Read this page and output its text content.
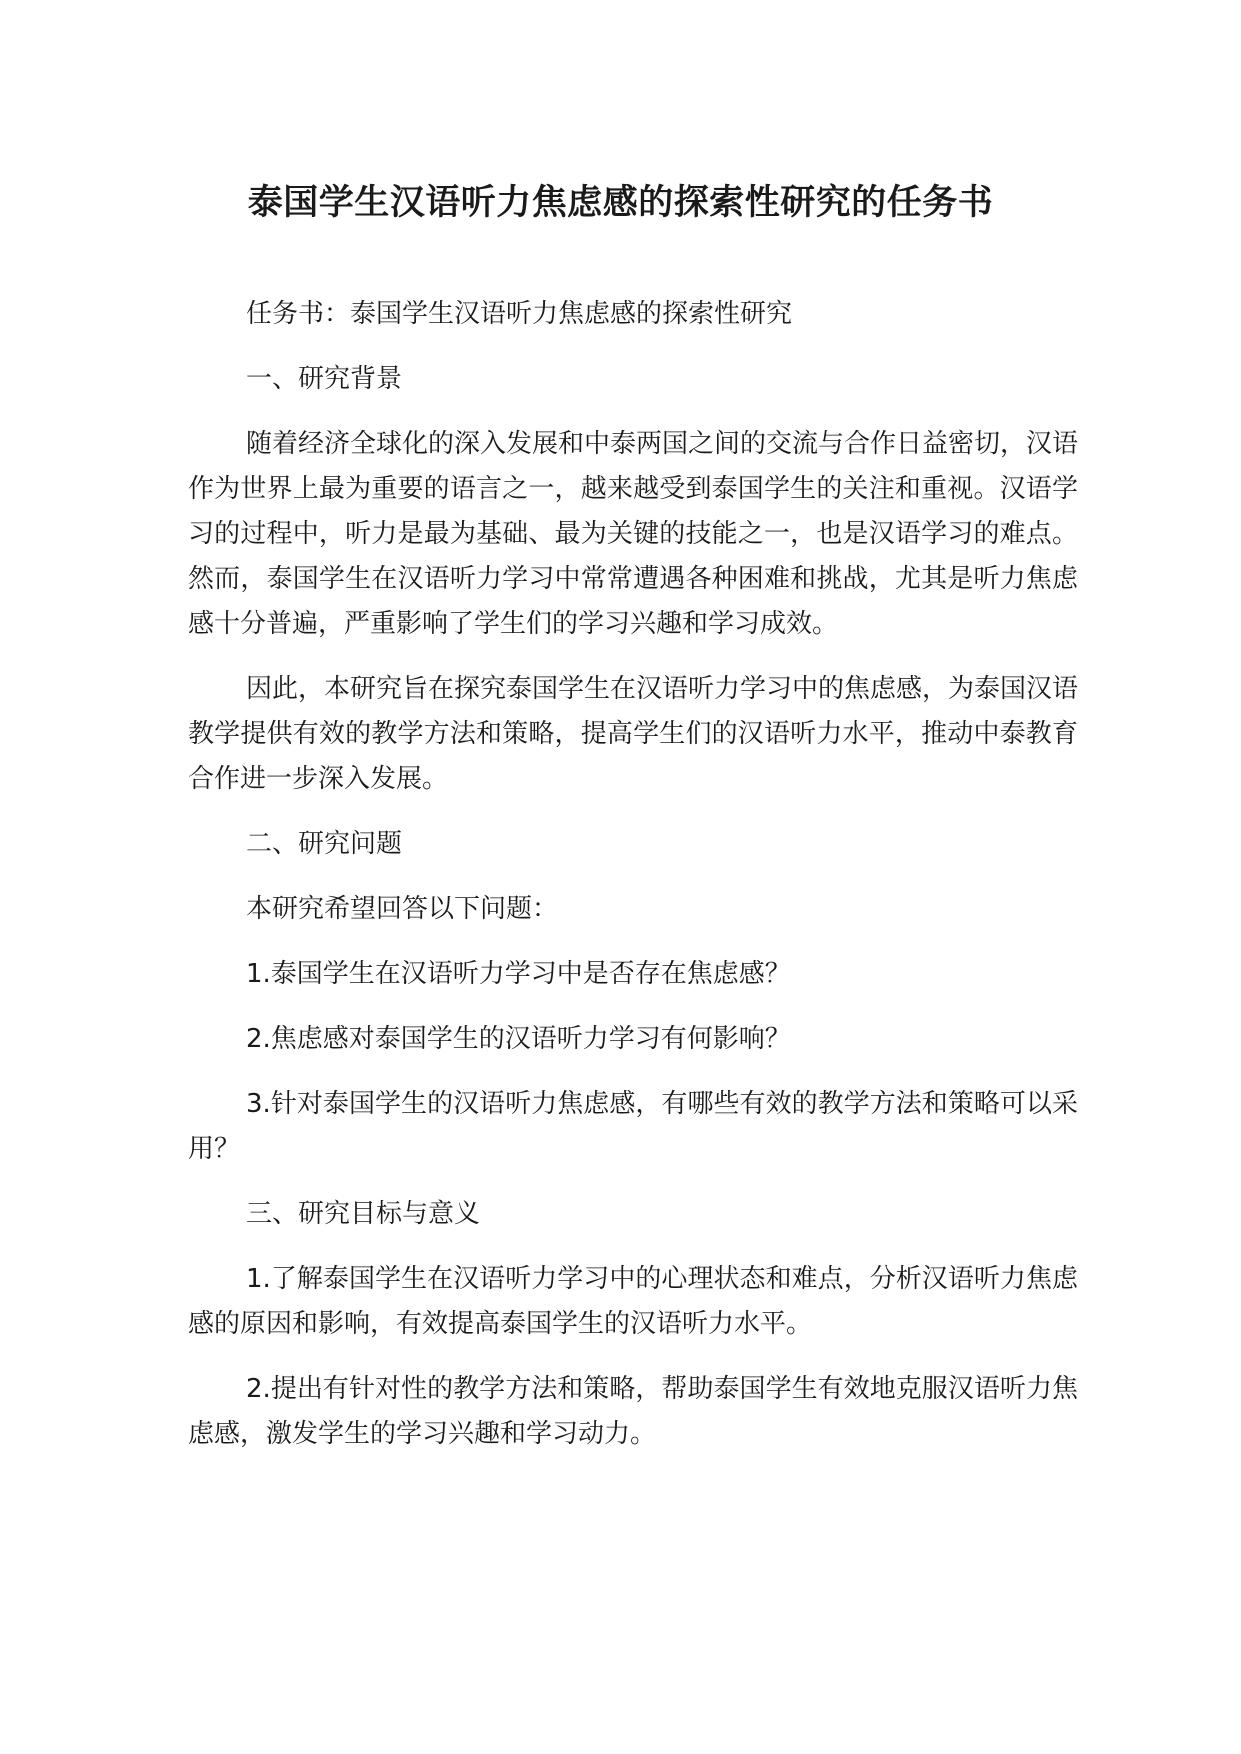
泰国学生汉语听力焦虑感的探索性研究的任务书

任务书：泰国学生汉语听力焦虑感的探索性研究

一、研究背景

随着经济全球化的深入发展和中泰两国之间的交流与合作日益密切，汉语作为世界上最为重要的语言之一，越来越受到泰国学生的关注和重视。汉语学习的过程中，听力是最为基础、最为关键的技能之一，也是汉语学习的难点。然而，泰国学生在汉语听力学习中常常遭遇各种困难和挑战，尤其是听力焦虑感十分普遍，严重影响了学生们的学习兴趣和学习成效。

因此，本研究旨在探究泰国学生在汉语听力学习中的焦虑感，为泰国汉语教学提供有效的教学方法和策略，提高学生们的汉语听力水平，推动中泰教育合作进一步深入发展。

二、研究问题

本研究希望回答以下问题：

1.泰国学生在汉语听力学习中是否存在焦虑感？

2.焦虑感对泰国学生的汉语听力学习有何影响？

3.针对泰国学生的汉语听力焦虑感，有哪些有效的教学方法和策略可以采用？

三、研究目标与意义

1.了解泰国学生在汉语听力学习中的心理状态和难点，分析汉语听力焦虑感的原因和影响，有效提高泰国学生的汉语听力水平。

2.提出有针对性的教学方法和策略，帮助泰国学生有效地克服汉语听力焦虑感，激发学生的学习兴趣和学习动力。
